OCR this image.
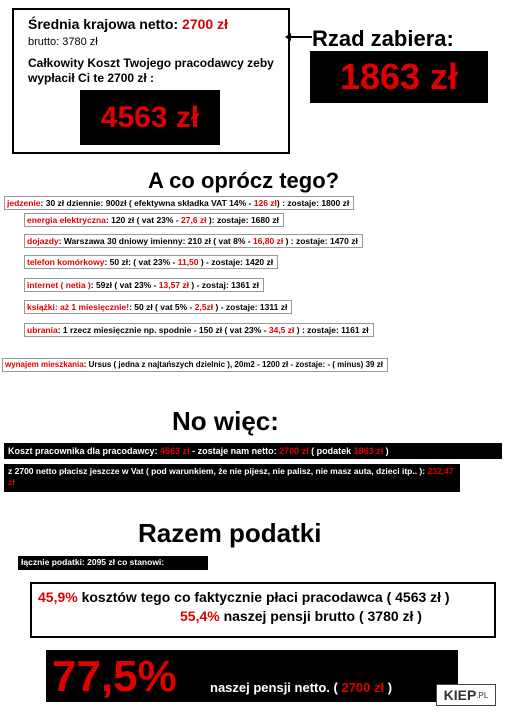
Średnia krajowa netto: 2700 zł
brutto: 3780 zł
Całkowity Koszt Twojego pracodawcy zeby wypłacił Ci te 2700 zł :
4563 zł
Rzad zabiera:
1863 zł
A co oprócz tego?
jedzenie: 30 zł dziennie: 900zł ( efektywna składka VAT 14% - 126 zł) : zostaje: 1800 zł
energia elektryczna: 120 zł ( vat 23% - 27,6 zł ): zostaje: 1680 zł
dojazdy: Warszawa 30 dniowy imienny: 210 zł ( vat 8% - 16,80 zł ) : zostaje: 1470 zł
telefon komórkowy: 50 zł: ( vat 23% - 11,50 ) - zostaje: 1420 zł
internet ( netia ): 59zł ( vat 23% - 13,57 zł ) - zostaj: 1361 zł
książki: aż 1 miesięcznie!: 50 zł ( vat 5% - 2,5zł ) - zostaje: 1311 zł
ubrania: 1 rzecz miesięcznie np. spodnie - 150 zł ( vat 23% - 34,5 zł ) : zostaje: 1161 zł
wynajem mieszkania: Ursus ( jedna z najtańszych dzielnic ), 20m2 - 1200 zł - zostaje: - ( minus) 39 zł
No więc:
Koszt pracownika dla pracodawcy: 4563 zł - zostaje nam netto: 2700 zł ( podatek 1863 zł )
z 2700 netto płacisz jeszcze w Vat ( pod warunkiem, że nie pijesz, nie palisz, nie masz auta, dzieci itp.. ): 232,47 zł
Razem podatki
łącznie podatki: 2095 zł co stanowi:
45,9% kosztów tego co faktycznie płaci pracodawca ( 4563 zł )
55,4% naszej pensji brutto ( 3780 zł )
77,5%	naszej pensji netto. ( 2700 zł )	KIEP .PL
